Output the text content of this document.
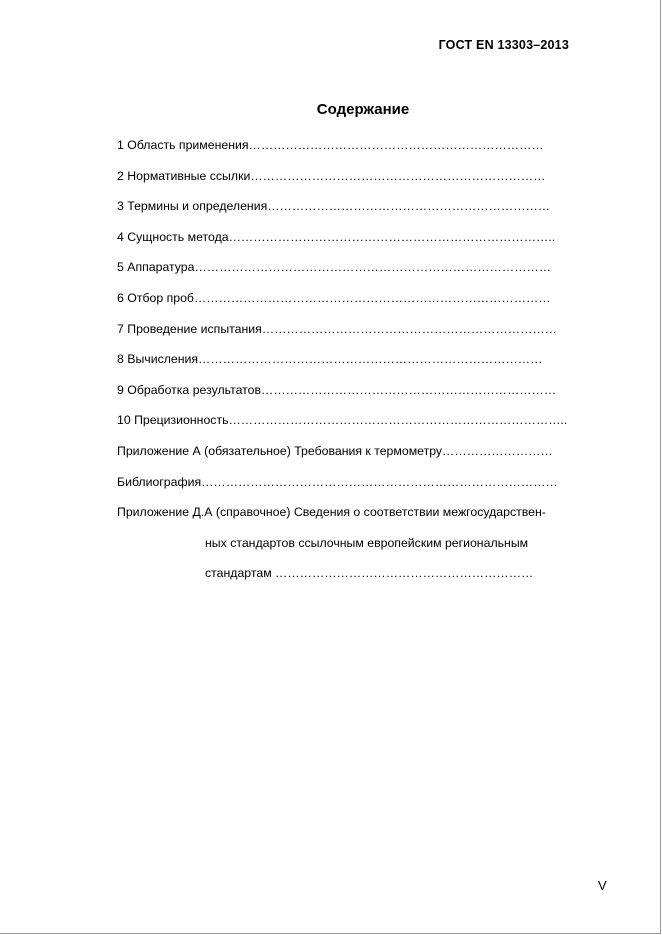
ГОСТ EN 13303–2013
Содержание
1 Область применения………………………………………………………………
2 Нормативные ссылки………………………………………………………………
3 Термины и определения……………………………………………………………
4 Сущность метода……………………………………………………………………..
5 Аппаратура……………………………………………………………………………
6 Отбор проб……………………………………………………………………………
7 Проведение испытания………………………………………………………………
8 Вычисления…………………………………………………………………………
9 Обработка результатов………………………………………………………………
10 Прецизионность………………………………………………………………………..
Приложение А (обязательное) Требования к термометру………………………
Библиография……………………………………………………………………………
Приложение Д.А (справочное) Сведения о соответствии межгосударствен-
ных стандартов ссылочным европейским региональным
стандартам ………………………………………………………
V
